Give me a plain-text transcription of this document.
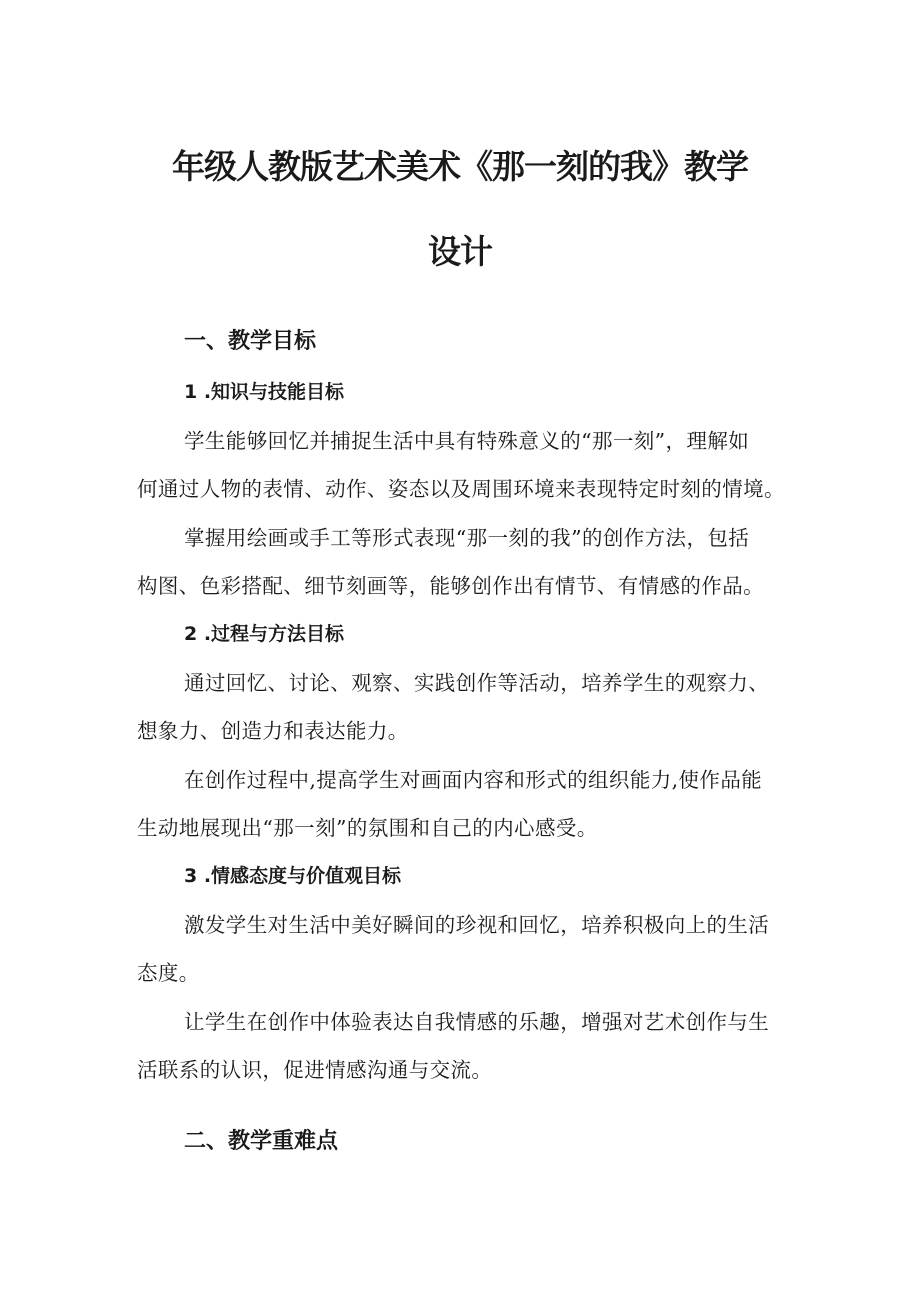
年级人教版艺术美术《那一刻的我》教学
设计
一、教学目标
1 .知识与技能目标

学生能够回忆并捕捉生活中具有特殊意义的“那一刻”，理解如

何通过人物的表情、动作、姿态以及周围环境来表现特定时刻的情境。

掌握用绘画或手工等形式表现“那一刻的我”的创作方法，包括

构图、色彩搭配、细节刻画等，能够创作出有情节、有情感的作品。

2 .过程与方法目标

通过回忆、讨论、观察、实践创作等活动，培养学生的观察力、

想象力、创造力和表达能力。

在创作过程中,提高学生对画面内容和形式的组织能力,使作品能

生动地展现出“那一刻”的氛围和自己的内心感受。

3 .情感态度与价值观目标

激发学生对生活中美好瞬间的珍视和回忆，培养积极向上的生活

态度。

让学生在创作中体验表达自我情感的乐趣，增强对艺术创作与生

活联系的认识，促进情感沟通与交流。

二、教学重难点
